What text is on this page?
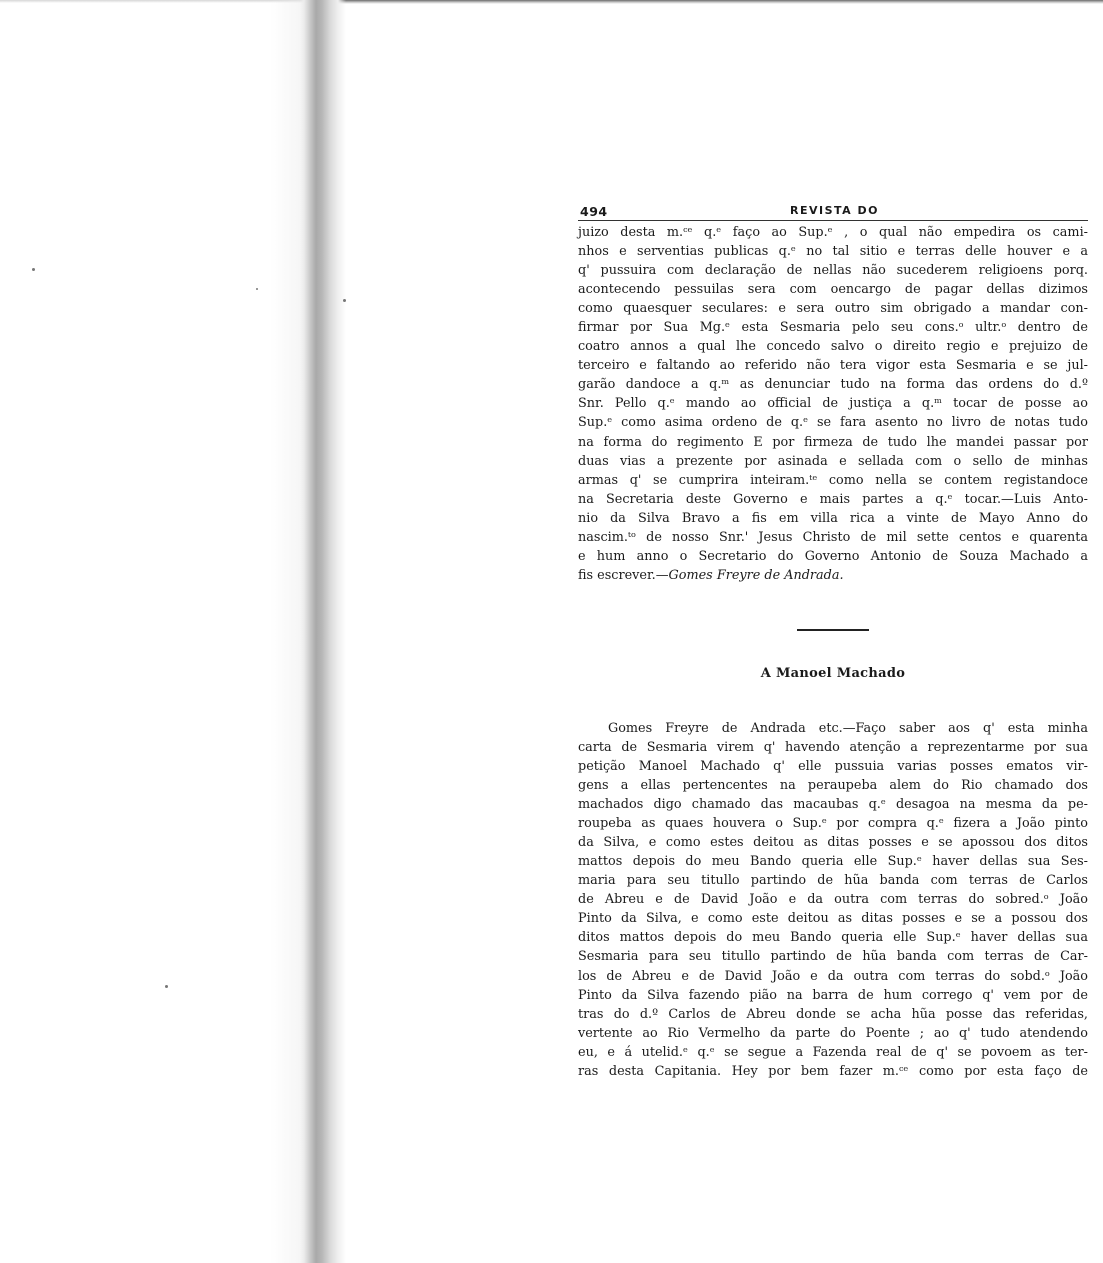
494	REVISTA DO

juizo desta m.ᶜᵉ q.ᵉ faço ao Sup.ᵉ , o qual não empedira os cami-
nhos e serventias publicas q.ᵉ no tal sitio e terras delle houver e a
q' pussuira com declaração de nellas não sucederem religioens porq.
acontecendo pessuilas sera com oencargo de pagar dellas dizimos
como quaesquer seculares: e sera outro sim obrigado a mandar con-
firmar por Sua Mg.ᵉ esta Sesmaria pelo seu cons.ᵒ ultr.ᵒ dentro de
coatro annos a qual lhe concedo salvo o direito regio e prejuizo de
terceiro e faltando ao referido não tera vigor esta Sesmaria e se jul-
garão dandoce a q.ᵐ as denunciar tudo na forma das ordens do d.º
Snr. Pello q.ᵉ mando ao official de justiça a q.ᵐ tocar de posse ao
Sup.ᵉ como asima ordeno de q.ᵉ se fara asento no livro de notas tudo
na forma do regimento E por firmeza de tudo lhe mandei passar por
duas vias a prezente por asinada e sellada com o sello de minhas
armas q' se cumprira inteiram.ᵗᵉ como nella se contem registandoce
na Secretaria deste Governo e mais partes a q.ᵉ tocar.—Luis Anto-
nio da Silva Bravo a fis em villa rica a vinte de Mayo Anno do
nascim.ᵗᵒ de nosso Snr.' Jesus Christo de mil sette centos e quarenta
e hum anno o Secretario do Governo Antonio de Souza Machado a
fis escrever.—Gomes Freyre de Andrada.

A Manoel Machado

Gomes Freyre de Andrada etc.—Faço saber aos q' esta minha
carta de Sesmaria virem q' havendo atenção a reprezentarme por sua
petição Manoel Machado q' elle pussuia varias posses ematos vir-
gens a ellas pertencentes na peraupeba alem do Rio chamado dos
machados digo chamado das macaubas q.ᵉ desagoa na mesma da pe-
roupeba as quaes houvera o Sup.ᵉ por compra q.ᵉ fizera a João pinto
da Silva, e como estes deitou as ditas posses e se apossou dos ditos
mattos depois do meu Bando queria elle Sup.ᵉ haver dellas sua Ses-
maria para seu titullo partindo de hũa banda com terras de Carlos
de Abreu e de David João e da outra com terras do sobred.ᵒ João
Pinto da Silva, e como este deitou as ditas posses e se a possou dos
ditos mattos depois do meu Bando queria elle Sup.ᵉ haver dellas sua
Sesmaria para seu titullo partindo de hũa banda com terras de Car-
los de Abreu e de David João e da outra com terras do sobd.ᵒ João
Pinto da Silva fazendo pião na barra de hum corrego q' vem por de
tras do d.º Carlos de Abreu donde se acha hũa posse das referidas,
vertente ao Rio Vermelho da parte do Poente ; ao q' tudo atendendo
eu, e á utelid.ᵉ q.ᵉ se segue a Fazenda real de q' se povoem as ter-
ras desta Capitania. Hey por bem fazer m.ᶜᵉ como por esta faço de
